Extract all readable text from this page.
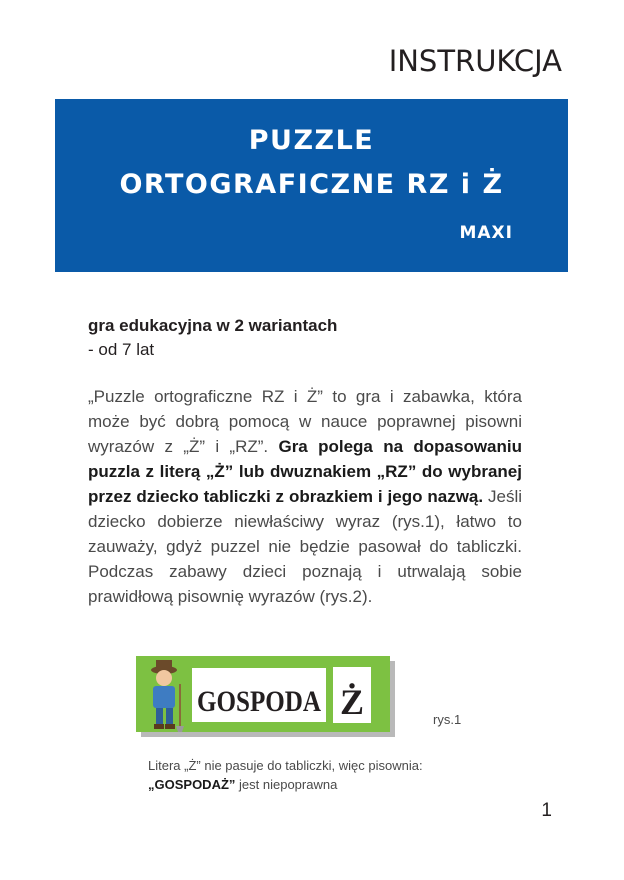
INSTRUKCJA
PUZZLE
ORTOGRAFICZNE RZ i Ż
MAXI
gra edukacyjna w 2 wariantach
- od 7 lat
„Puzzle ortograficzne RZ i Ż” to gra i zabawka, która może być dobrą pomocą w nauce poprawnej pisowni wyrazów z „Ż” i „RZ”. Gra polega na dopasowaniu puzzla z literą „Ż” lub dwuznakiem „RZ” do wybranej przez dziecko tabliczki z obrazkiem i jego nazwą. Jeśli dziecko dobierze niewłaściwy wyraz (rys.1), łatwo to zauważy, gdyż puzzel nie będzie pasował do tabliczki. Podczas zabawy dzieci poznają i utrwalają sobie prawidłową pisownię wyrazów (rys.2).
GOSPODA Ż	rys.1
Litera „Ż” nie pasuje do tabliczki, więc pisownia:
„GOSPODAŻ” jest niepoprawna
1
